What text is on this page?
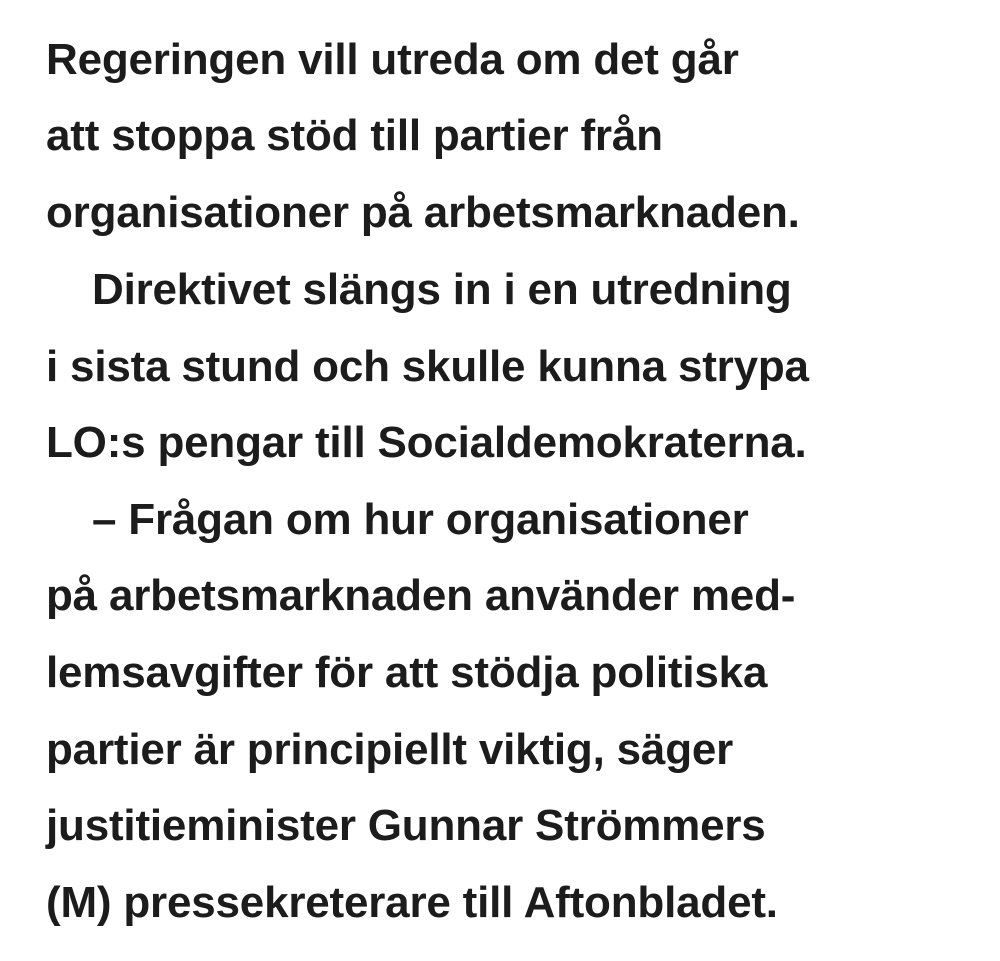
Regeringen vill utreda om det går
att stoppa stöd till partier från
organisationer på arbetsmarknaden.
Direktivet slängs in i en utredning
i sista stund och skulle kunna strypa
LO:s pengar till Socialdemokraterna.
– Frågan om hur organisationer
på arbetsmarknaden använder med-
lemsavgifter för att stödja politiska
partier är principiellt viktig, säger
justitieminister Gunnar Strömmers
(M) pressekreterare till Aftonbladet.
